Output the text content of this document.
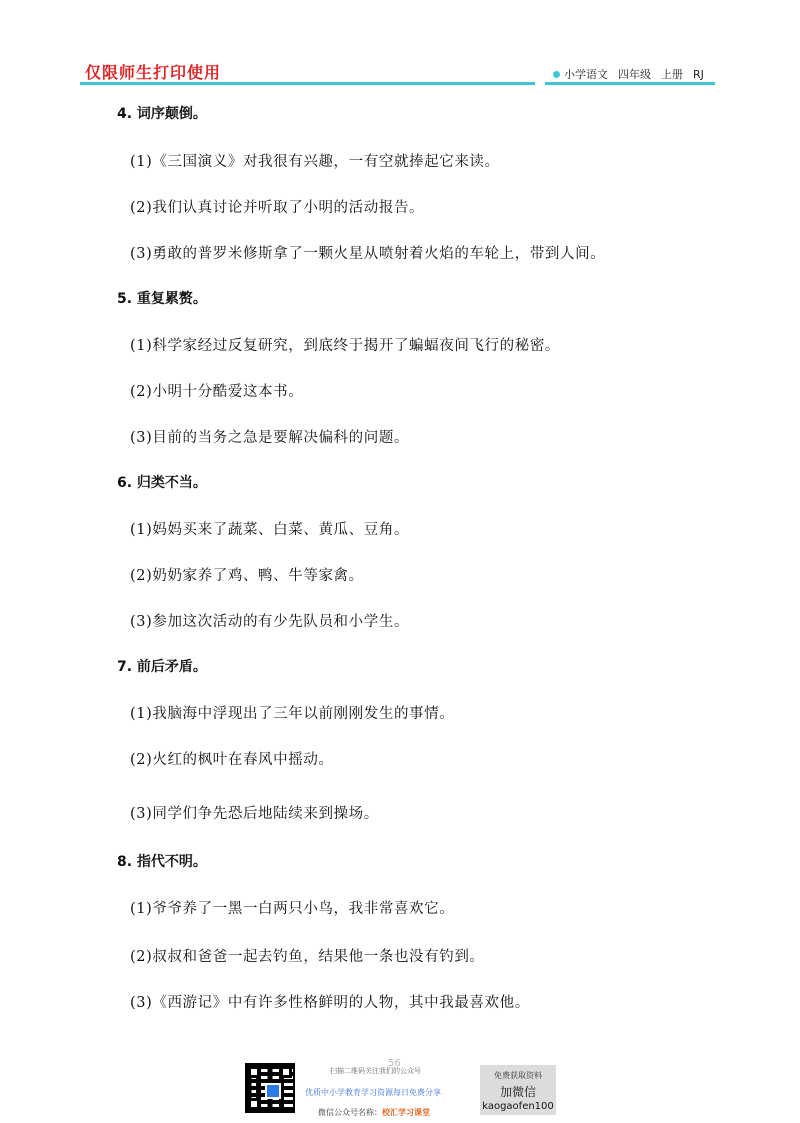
仅限师生打印使用	小学语文 四年级 上册 RJ
4. 词序颠倒。
(1)《三国演义》对我很有兴趣，一有空就捧起它来读。
(2)我们认真讨论并听取了小明的活动报告。
(3)勇敢的普罗米修斯拿了一颗火星从喷射着火焰的车轮上，带到人间。
5. 重复累赘。
(1)科学家经过反复研究，到底终于揭开了蝙蝠夜间飞行的秘密。
(2)小明十分酷爱这本书。
(3)目前的当务之急是要解决偏科的问题。
6. 归类不当。
(1)妈妈买来了蔬菜、白菜、黄瓜、豆角。
(2)奶奶家养了鸡、鸭、牛等家禽。
(3)参加这次活动的有少先队员和小学生。
7. 前后矛盾。
(1)我脑海中浮现出了三年以前刚刚发生的事情。
(2)火红的枫叶在春风中摇动。
(3)同学们争先恐后地陆续来到操场。
8. 指代不明。
(1)爷爷养了一黑一白两只小鸟，我非常喜欢它。
(2)叔叔和爸爸一起去钓鱼，结果他一条也没有钓到。
(3)《西游记》中有许多性格鲜明的人物，其中我最喜欢他。
56
扫描二维码关注我们的公众号
优质中小学教育学习资源每日免费分享
微信公众号名称：校汇学习课堂
免费获取资料
加微信
kaogaofen100
